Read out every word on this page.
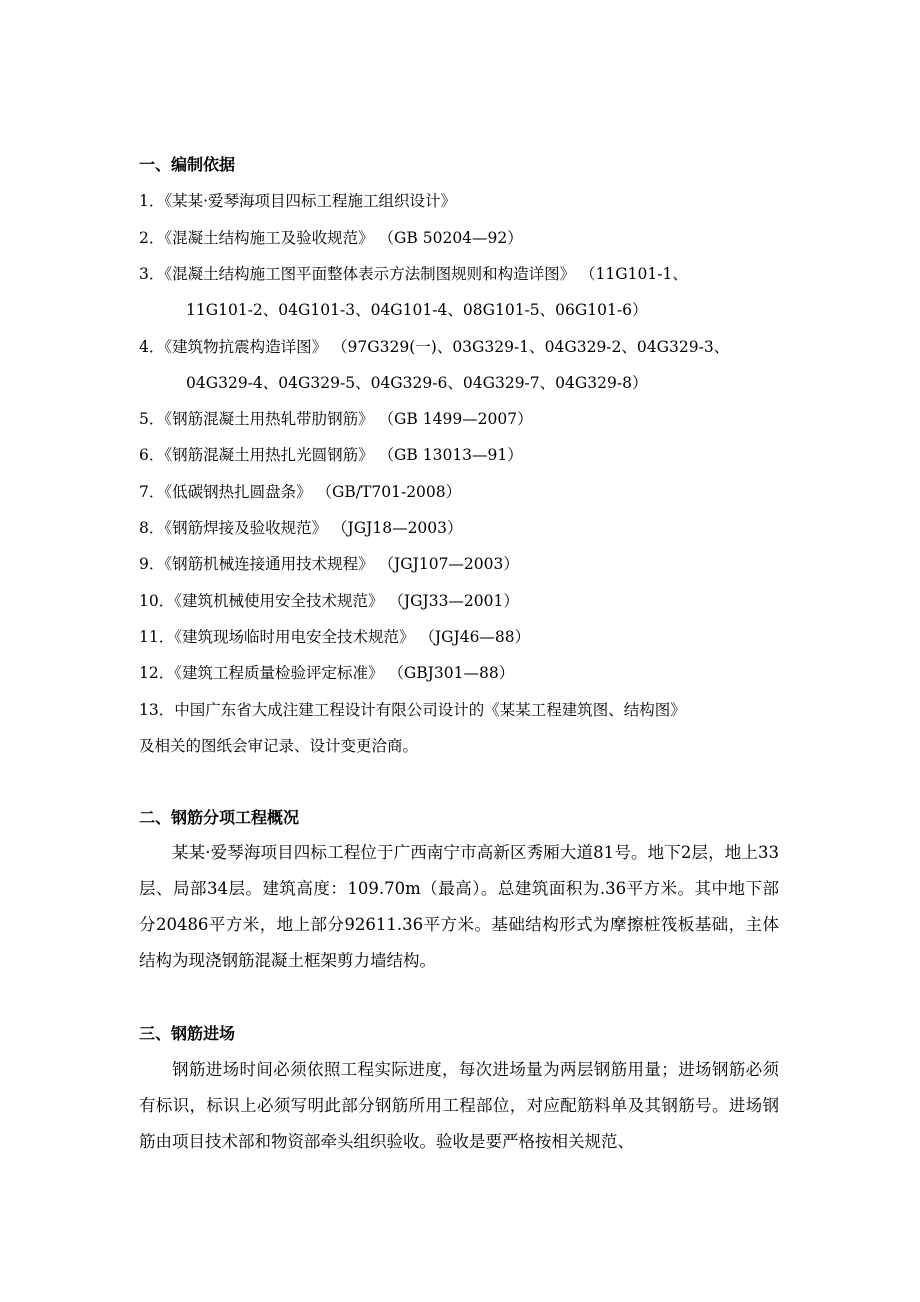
一、编制依据
1．《某某·爱琴海项目四标工程施工组织设计》
2．《混凝土结构施工及验收规范》 （GB 50204—92）
3．《混凝土结构施工图平面整体表示方法制图规则和构造详图》 （11G101-1、
11G101-2、04G101-3、04G101-4、08G101-5、06G101-6）
4．《建筑物抗震构造详图》 （97G329(一)、03G329-1、04G329-2、04G329-3、
04G329-4、04G329-5、04G329-6、04G329-7、04G329-8）
5．《钢筋混凝土用热轧带肋钢筋》 （GB 1499—2007）
6．《钢筋混凝土用热扎光圆钢筋》 （GB 13013—91）
7．《低碳钢热扎圆盘条》 （GB/T701-2008）
8．《钢筋焊接及验收规范》 （JGJ18—2003）
9．《钢筋机械连接通用技术规程》 （JGJ107—2003）
10．《建筑机械使用安全技术规范》 （JGJ33—2001）
11．《建筑现场临时用电安全技术规范》 （JGJ46—88）
12．《建筑工程质量检验评定标准》 （GBJ301—88）
13．中国广东省大成注建工程设计有限公司设计的《某某工程建筑图、结构图》
及相关的图纸会审记录、设计变更洽商。
二、钢筋分项工程概况
某某·爱琴海项目四标工程位于广西南宁市高新区秀厢大道81号。地下2层，地上33层、局部34层。建筑高度：109.70m（最高）。总建筑面积为.36平方米。其中地下部分20486平方米，地上部分92611.36平方米。基础结构形式为摩擦桩筏板基础，主体结构为现浇钢筋混凝土框架剪力墙结构。
三、钢筋进场
钢筋进场时间必须依照工程实际进度，每次进场量为两层钢筋用量；进场钢筋必须有标识，标识上必须写明此部分钢筋所用工程部位，对应配筋料单及其钢筋号。进场钢筋由项目技术部和物资部牵头组织验收。验收是要严格按相关规范、
